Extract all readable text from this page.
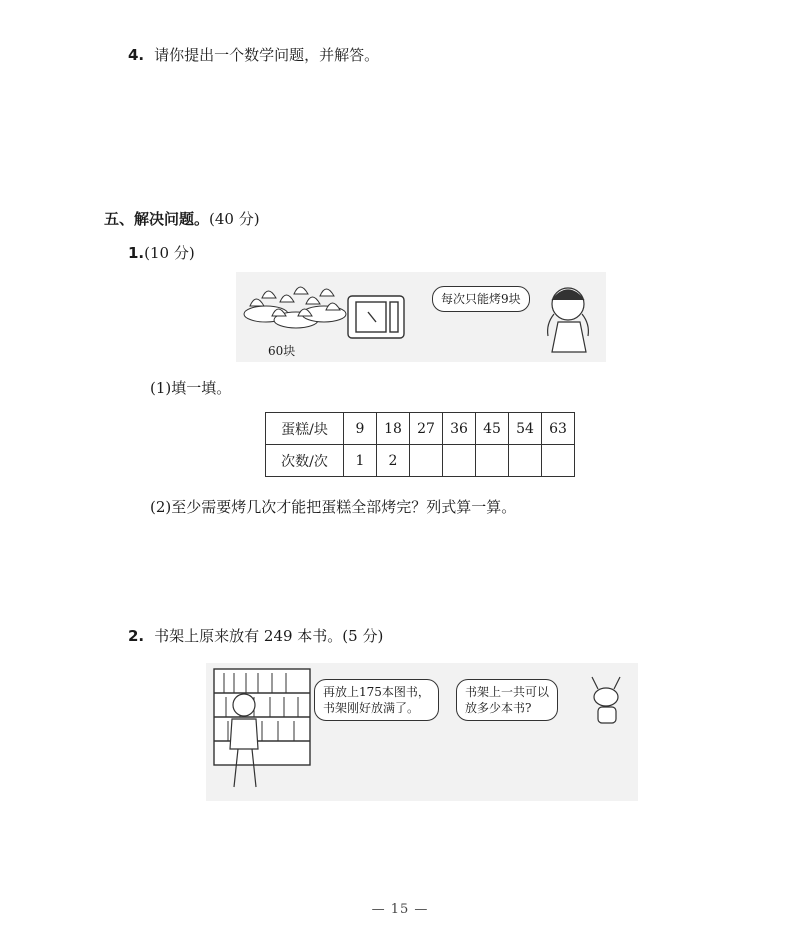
4. 请你提出一个数学问题，并解答。
五、解决问题。(40 分)
1.(10 分)
每次只能烤9块
60块
(1)填一填。
蛋糕/块	9	18	27	36	45	54	63
次数/次	1	2					
(2)至少需要烤几次才能把蛋糕全部烤完？列式算一算。
2. 书架上原来放有 249 本书。(5 分)
再放上175本图书，
书架刚好放满了。
书架上一共可以
放多少本书?
— 15 —
